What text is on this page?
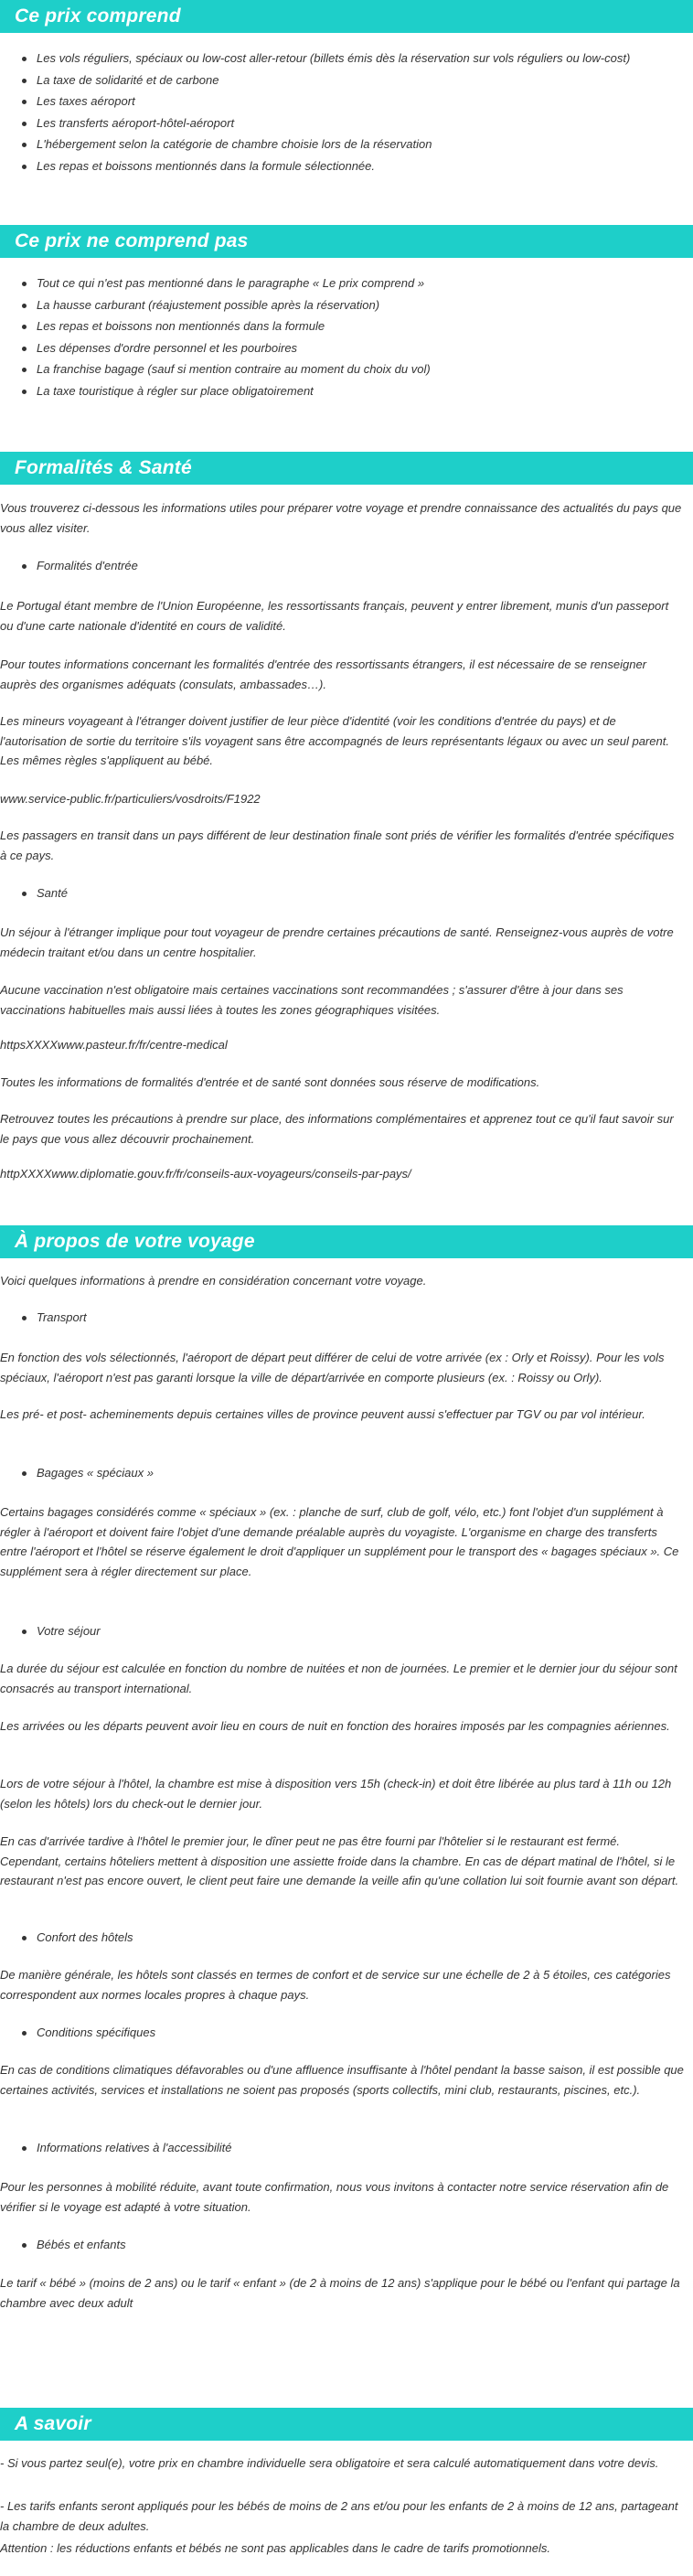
Ce prix comprend
Les vols réguliers, spéciaux ou low-cost aller-retour (billets émis dès la réservation sur vols réguliers ou low-cost)
La taxe de solidarité et de carbone
Les taxes aéroport
Les transferts aéroport-hôtel-aéroport
L'hébergement selon la catégorie de chambre choisie lors de la réservation
Les repas et boissons mentionnés dans la formule sélectionnée.
Ce prix ne comprend pas
Tout ce qui n'est pas mentionné dans le paragraphe « Le prix comprend »
La hausse carburant (réajustement possible après la réservation)
Les repas et boissons non mentionnés dans la formule
Les dépenses d'ordre personnel et les pourboires
La franchise bagage (sauf si mention contraire au moment du choix du vol)
La taxe touristique à régler sur place obligatoirement
Formalités & Santé

Vous trouverez ci-dessous les informations utiles pour préparer votre voyage et prendre connaissance des actualités du pays que vous allez visiter.

Formalités d'entrée

Le Portugal étant membre de l'Union Européenne, les ressortissants français, peuvent y entrer librement, munis d'un passeport ou d'une carte nationale d'identité en cours de validité.

Pour toutes informations concernant les formalités d'entrée des ressortissants étrangers, il est nécessaire de se renseigner auprès des organismes adéquats (consulats, ambassades…).

Les mineurs voyageant à l'étranger doivent justifier de leur pièce d'identité (voir les conditions d'entrée du pays) et de l'autorisation de sortie du territoire s'ils voyagent sans être accompagnés de leurs représentants légaux ou avec un seul parent. Les mêmes règles s'appliquent au bébé.

www.service-public.fr/particuliers/vosdroits/F1922

Les passagers en transit dans un pays différent de leur destination finale sont priés de vérifier les formalités d'entrée spécifiques à ce pays.

Santé

Un séjour à l'étranger implique pour tout voyageur de prendre certaines précautions de santé. Renseignez-vous auprès de votre médecin traitant et/ou dans un centre hospitalier.

Aucune vaccination n'est obligatoire mais certaines vaccinations sont recommandées ; s'assurer d'être à jour dans ses vaccinations habituelles mais aussi liées à toutes les zones géographiques visitées.

httpsXXXXwww.pasteur.fr/fr/centre-medical

Toutes les informations de formalités d'entrée et de santé sont données sous réserve de modifications.

Retrouvez toutes les précautions à prendre sur place, des informations complémentaires et apprenez tout ce qu'il faut savoir sur le pays que vous allez découvrir prochainement.

httpXXXXwww.diplomatie.gouv.fr/fr/conseils-aux-voyageurs/conseils-par-pays/

À propos de votre voyage

Voici quelques informations à prendre en considération concernant votre voyage.

Transport

En fonction des vols sélectionnés, l'aéroport de départ peut différer de celui de votre arrivée (ex : Orly et Roissy). Pour les vols spéciaux, l'aéroport n'est pas garanti lorsque la ville de départ/arrivée en comporte plusieurs (ex. : Roissy ou Orly).

Les pré- et post- acheminements depuis certaines villes de province peuvent aussi s'effectuer par TGV ou par vol intérieur.

Bagages « spéciaux »

Certains bagages considérés comme « spéciaux » (ex. : planche de surf, club de golf, vélo, etc.) font l'objet d'un supplément à régler à l'aéroport et doivent faire l'objet d'une demande préalable auprès du voyagiste. L'organisme en charge des transferts entre l'aéroport et l'hôtel se réserve également le droit d'appliquer un supplément pour le transport des « bagages spéciaux ». Ce supplément sera à régler directement sur place.

Votre séjour

La durée du séjour est calculée en fonction du nombre de nuitées et non de journées. Le premier et le dernier jour du séjour sont consacrés au transport international.

Les arrivées ou les départs peuvent avoir lieu en cours de nuit en fonction des horaires imposés par les compagnies aériennes.

Lors de votre séjour à l'hôtel, la chambre est mise à disposition vers 15h (check-in) et doit être libérée au plus tard à 11h ou 12h (selon les hôtels) lors du check-out le dernier jour.

En cas d'arrivée tardive à l'hôtel le premier jour, le dîner peut ne pas être fourni par l'hôtelier si le restaurant est fermé. Cependant, certains hôteliers mettent à disposition une assiette froide dans la chambre. En cas de départ matinal de l'hôtel, si le restaurant n'est pas encore ouvert, le client peut faire une demande la veille afin qu'une collation lui soit fournie avant son départ.

Confort des hôtels

De manière générale, les hôtels sont classés en termes de confort et de service sur une échelle de 2 à 5 étoiles, ces catégories correspondent aux normes locales propres à chaque pays.

Conditions spécifiques

En cas de conditions climatiques défavorables ou d'une affluence insuffisante à l'hôtel pendant la basse saison, il est possible que certaines activités, services et installations ne soient pas proposés (sports collectifs, mini club, restaurants, piscines, etc.).

Informations relatives à l'accessibilité

Pour les personnes à mobilité réduite, avant toute confirmation, nous vous invitons à contacter notre service réservation afin de vérifier si le voyage est adapté à votre situation.

Bébés et enfants

Le tarif « bébé » (moins de 2 ans) ou le tarif « enfant » (de 2 à moins de 12 ans) s'applique pour le bébé ou l'enfant qui partage la chambre avec deux adult

A savoir

- Si vous partez seul(e), votre prix en chambre individuelle sera obligatoire et sera calculé automatiquement dans votre devis.

- Les tarifs enfants seront appliqués pour les bébés de moins de 2 ans et/ou pour les enfants de 2 à moins de 12 ans, partageant la chambre de deux adultes.

Attention : les réductions enfants et bébés ne sont pas applicables dans le cadre de tarifs promotionnels.
